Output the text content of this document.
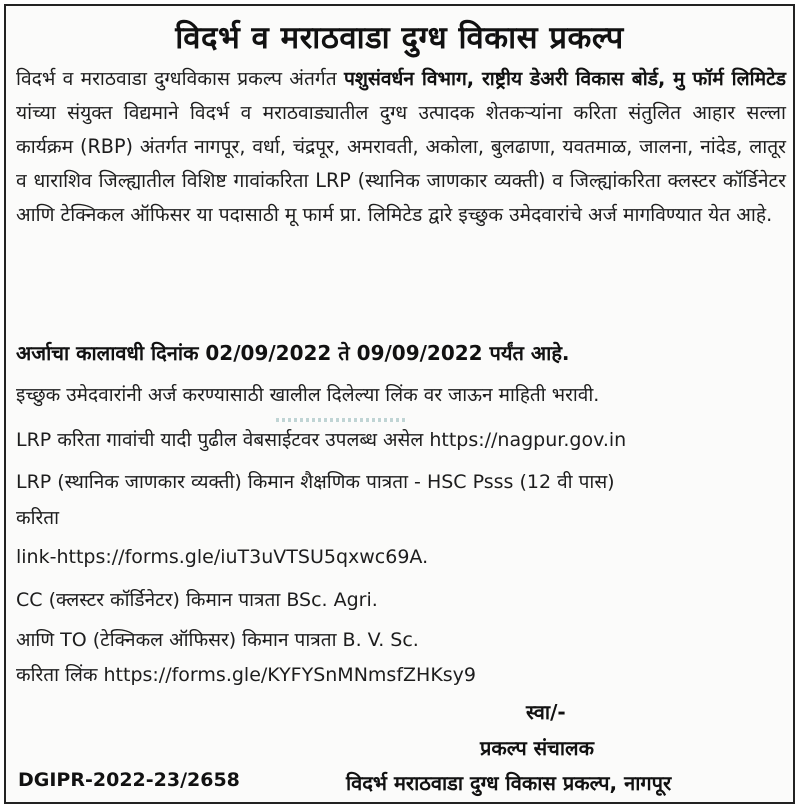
विदर्भ व मराठवाडा दुग्ध विकास प्रकल्प
विदर्भ व मराठवाडा दुग्धविकास प्रकल्प अंतर्गत पशुसंवर्धन विभाग, राष्ट्रीय डेअरी विकास बोर्ड, मु फॉर्म लिमिटेड यांच्या संयुक्त विद्यमाने विदर्भ व मराठवाड्यातील दुग्ध उत्पादक शेतकऱ्यांना करिता संतुलित आहार सल्ला कार्यक्रम (RBP) अंतर्गत नागपूर, वर्धा, चंद्रपूर, अमरावती, अकोला, बुलढाणा, यवतमाळ, जालना, नांदेड, लातूर व धाराशिव जिल्ह्यातील विशिष्ट गावांकरिता LRP (स्थानिक जाणकार व्यक्ती) व जिल्ह्यांकरिता क्लस्टर कॉर्डिनेटर आणि टेक्निकल ऑफिसर या पदासाठी मू फार्म प्रा. लिमिटेड द्वारे इच्छुक उमेदवारांचे अर्ज मागविण्यात येत आहे.
अर्जाचा कालावधी दिनांक 02/09/2022 ते 09/09/2022 पर्यंत आहे.
इच्छुक उमेदवारांनी अर्ज करण्यासाठी खालील दिलेल्या लिंक वर जाऊन माहिती भरावी.
LRP करिता गावांची यादी पुढील वेबसाईटवर उपलब्ध असेल https://nagpur.gov.in
LRP (स्थानिक जाणकार व्यक्ती) किमान शैक्षणिक पात्रता - HSC Psss (12 वी पास)
करिता
link-https://forms.gle/iuT3uVTSU5qxwc69A.
CC (क्लस्टर कॉर्डिनेटर) किमान पात्रता BSc. Agri.
आणि TO (टेक्निकल ऑफिसर) किमान पात्रता B. V. Sc.
करिता लिंक https://forms.gle/KYFYSnMNmsfZHKsy9
स्वा/-
प्रकल्प संचालक
विदर्भ मराठवाडा दुग्ध विकास प्रकल्प, नागपूर
DGIPR-2022-23/2658
